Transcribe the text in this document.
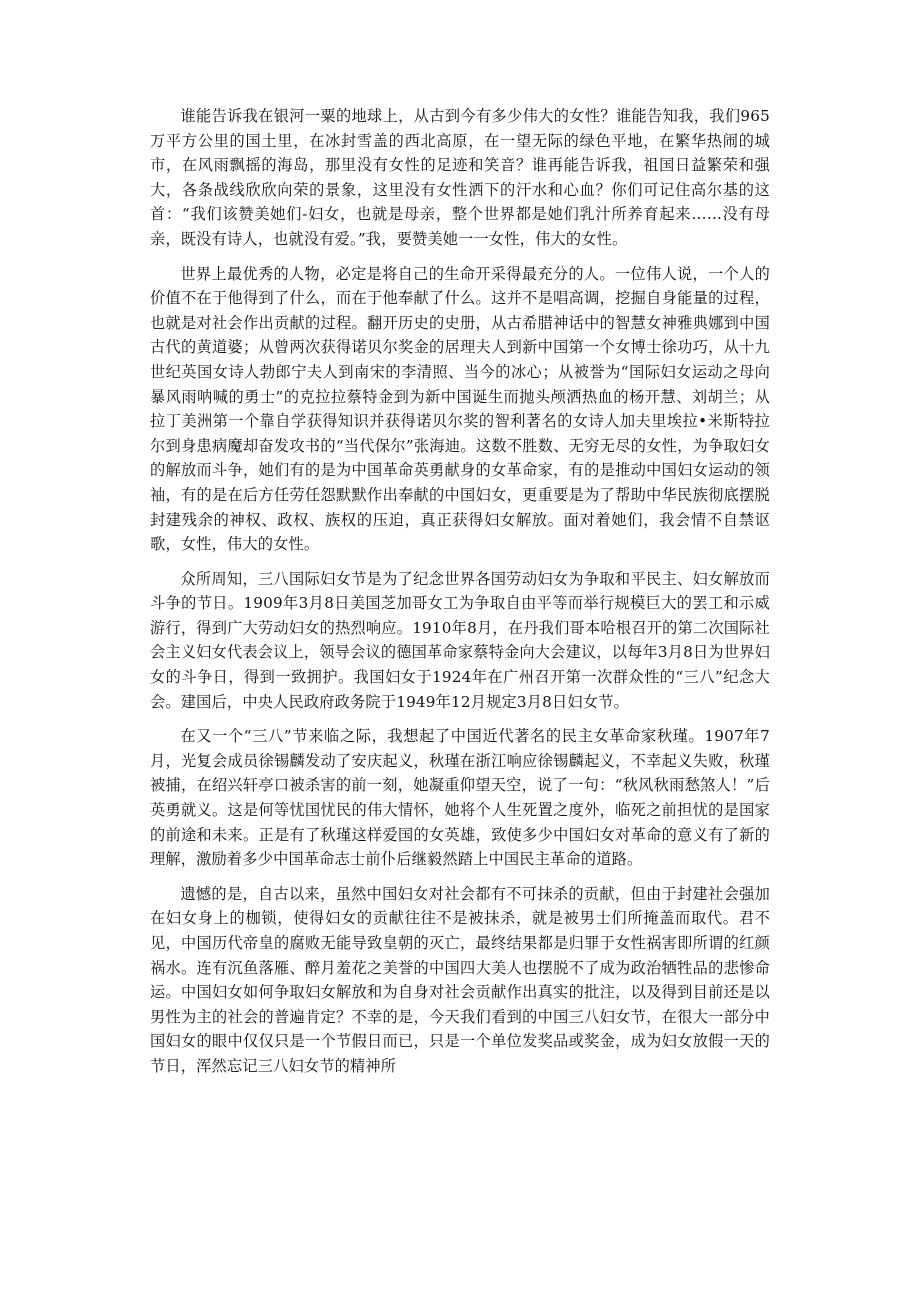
谁能告诉我在银河一粟的地球上，从古到今有多少伟大的女性？谁能告知我，我们965万平方公里的国土里，在冰封雪盖的西北高原，在一望无际的绿色平地，在繁华热闹的城市，在风雨飘摇的海岛，那里没有女性的足迹和笑音？谁再能告诉我，祖国日益繁荣和强大，各条战线欣欣向荣的景象，这里没有女性洒下的汗水和心血？你们可记住高尔基的这首：“我们该赞美她们-妇女，也就是母亲，整个世界都是她们乳汁所养育起来……没有母亲，既没有诗人，也就没有爱。”我，要赞美她一一女性，伟大的女性。

世界上最优秀的人物，必定是将自己的生命开采得最充分的人。一位伟人说，一个人的价值不在于他得到了什么，而在于他奉献了什么。这并不是唱高调，挖掘自身能量的过程，也就是对社会作出贡献的过程。翻开历史的史册，从古希腊神话中的智慧女神雅典娜到中国古代的黄道婆；从曾两次获得诺贝尔奖金的居理夫人到新中国第一个女博士徐功巧，从十九世纪英国女诗人勃郎宁夫人到南宋的李清照、当今的冰心；从被誉为“国际妇女运动之母向暴风雨呐喊的勇士”的克拉拉蔡特金到为新中国诞生而抛头颅洒热血的杨开慧、刘胡兰；从拉丁美洲第一个靠自学获得知识并获得诺贝尔奖的智利著名的女诗人加夫里埃拉•米斯特拉尔到身患病魔却奋发攻书的“当代保尔”张海迪。这数不胜数、无穷无尽的女性，为争取妇女的解放而斗争，她们有的是为中国革命英勇献身的女革命家，有的是推动中国妇女运动的领袖，有的是在后方任劳任怨默默作出奉献的中国妇女，更重要是为了帮助中华民族彻底摆脱封建残余的神权、政权、族权的压迫，真正获得妇女解放。面对着她们，我会情不自禁讴歌，女性，伟大的女性。

众所周知，三八国际妇女节是为了纪念世界各国劳动妇女为争取和平民主、妇女解放而斗争的节日。1909年3月8日美国芝加哥女工为争取自由平等而举行规模巨大的罢工和示威游行，得到广大劳动妇女的热烈响应。1910年8月，在丹我们哥本哈根召开的第二次国际社会主义妇女代表会议上，领导会议的德国革命家蔡特金向大会建议，以每年3月8日为世界妇女的斗争日，得到一致拥护。我国妇女于1924年在广州召开第一次群众性的“三八”纪念大会。建国后，中央人民政府政务院于1949年12月规定3月8日妇女节。

在又一个“三八”节来临之际，我想起了中国近代著名的民主女革命家秋瑾。1907年7月，光复会成员徐锡麟发动了安庆起义，秋瑾在浙江响应徐锡麟起义，不幸起义失败，秋瑾被捕，在绍兴轩亭口被杀害的前一刻，她凝重仰望天空，说了一句：“秋风秋雨愁煞人！”后英勇就义。这是何等忧国忧民的伟大情怀，她将个人生死置之度外，临死之前担忧的是国家的前途和未来。正是有了秋瑾这样爱国的女英雄，致使多少中国妇女对革命的意义有了新的理解，激励着多少中国革命志士前仆后继毅然踏上中国民主革命的道路。

遗憾的是，自古以来，虽然中国妇女对社会都有不可抹杀的贡献，但由于封建社会强加在妇女身上的枷锁，使得妇女的贡献往往不是被抹杀，就是被男士们所掩盖而取代。君不见，中国历代帝皇的腐败无能导致皇朝的灭亡，最终结果都是归罪于女性祸害即所谓的红颜祸水。连有沉鱼落雁、醉月羞花之美誉的中国四大美人也摆脱不了成为政治牺牲品的悲惨命运。中国妇女如何争取妇女解放和为自身对社会贡献作出真实的批注，以及得到目前还是以男性为主的社会的普遍肯定？不幸的是，今天我们看到的中国三八妇女节，在很大一部分中国妇女的眼中仅仅只是一个节假日而已，只是一个单位发奖品或奖金，成为妇女放假一天的节日，浑然忘记三八妇女节的精神所
